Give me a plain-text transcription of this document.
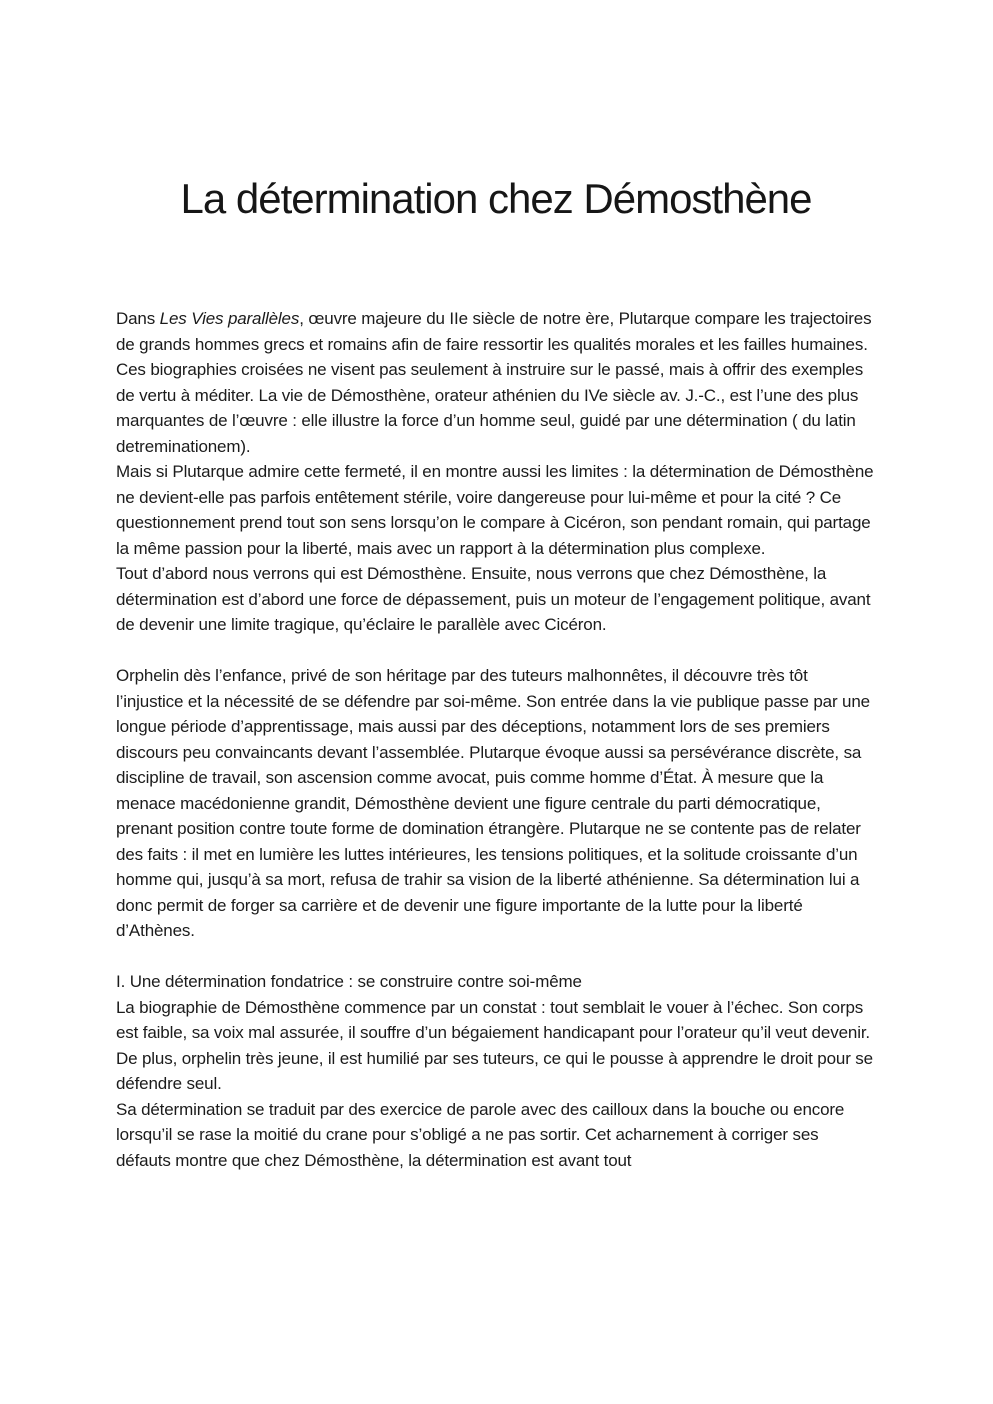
La détermination chez Démosthène

Dans Les Vies parallèles, œuvre majeure du IIe siècle de notre ère, Plutarque compare les trajectoires de grands hommes grecs et romains afin de faire ressortir les qualités morales et les failles humaines. Ces biographies croisées ne visent pas seulement à instruire sur le passé, mais à offrir des exemples de vertu à méditer. La vie de Démosthène, orateur athénien du IVe siècle av. J.-C., est l’une des plus marquantes de l’œuvre : elle illustre la force d’un homme seul, guidé par une détermination ( du latin detreminationem).

Mais si Plutarque admire cette fermeté, il en montre aussi les limites : la détermination de Démosthène ne devient-elle pas parfois entêtement stérile, voire dangereuse pour lui-même et pour la cité ? Ce questionnement prend tout son sens lorsqu’on le compare à Cicéron, son pendant romain, qui partage la même passion pour la liberté, mais avec un rapport à la détermination plus complexe.

Tout d’abord nous verrons qui est Démosthène. Ensuite, nous verrons que chez Démosthène, la détermination est d’abord une force de dépassement, puis un moteur de l’engagement politique, avant de devenir une limite tragique, qu’éclaire le parallèle avec Cicéron.

Orphelin dès l’enfance, privé de son héritage par des tuteurs malhonnêtes, il découvre très tôt l’injustice et la nécessité de se défendre par soi-même. Son entrée dans la vie publique passe par une longue période d’apprentissage, mais aussi par des déceptions, notamment lors de ses premiers discours peu convaincants devant l’assemblée. Plutarque évoque aussi sa persévérance discrète, sa discipline de travail, son ascension comme avocat, puis comme homme d’État. À mesure que la menace macédonienne grandit, Démosthène devient une figure centrale du parti démocratique, prenant position contre toute forme de domination étrangère. Plutarque ne se contente pas de relater des faits : il met en lumière les luttes intérieures, les tensions politiques, et la solitude croissante d’un homme qui, jusqu’à sa mort, refusa de trahir sa vision de la liberté athénienne. Sa détermination lui a donc permit de forger sa carrière et de devenir une figure importante de la lutte pour la liberté d’Athènes.

I. Une détermination fondatrice : se construire contre soi-même

La biographie de Démosthène commence par un constat : tout semblait le vouer à l’échec. Son corps est faible, sa voix mal assurée, il souffre d’un bégaiement handicapant pour l’orateur qu’il veut devenir. De plus, orphelin très jeune, il est humilié par ses tuteurs, ce qui le pousse à apprendre le droit pour se défendre seul.

Sa détermination se traduit par des exercice de parole avec des cailloux dans la bouche ou encore lorsqu’il se rase la moitié du crane pour s’obligé a ne pas sortir. Cet acharnement à corriger ses défauts montre que chez Démosthène, la détermination est avant tout
